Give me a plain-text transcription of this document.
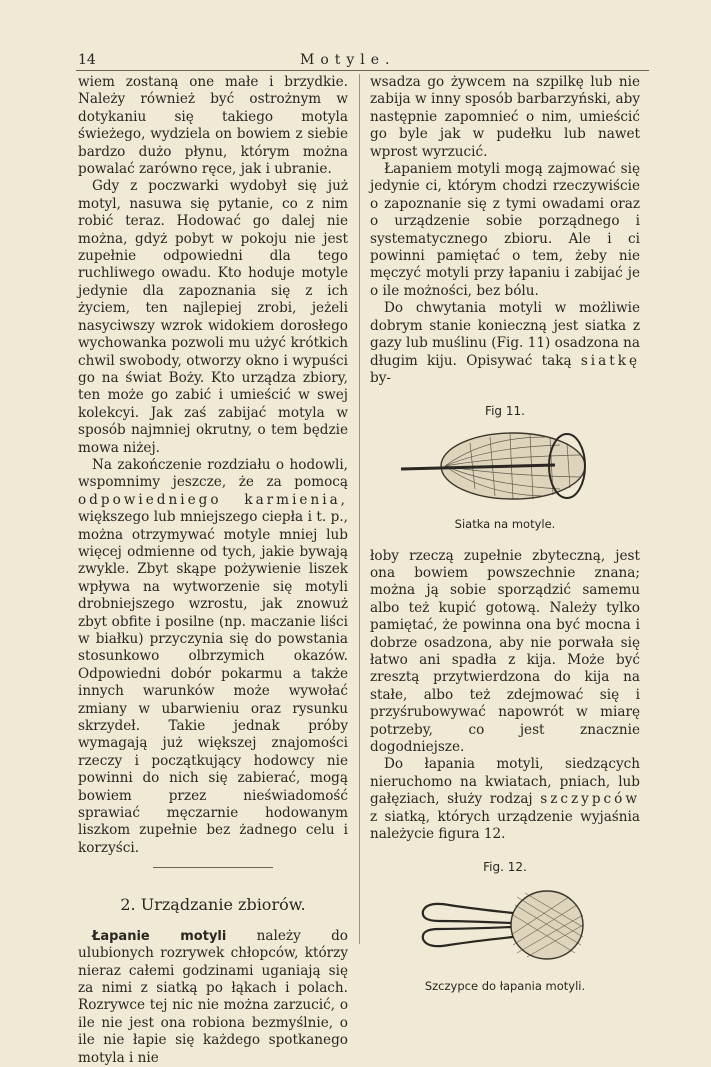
14	Motyle.

wiem zostaną one małe i brzydkie. Należy również być ostrożnym w dotykaniu się takiego motyla świeżego, wydziela on bowiem z siebie bardzo dużo płynu, którym można powalać zarówno ręce, jak i ubranie.

Gdy z poczwarki wydobył się już motyl, nasuwa się pytanie, co z nim robić teraz. Hodować go dalej nie można, gdyż pobyt w pokoju nie jest zupełnie odpowiedni dla tego ruchliwego owadu. Kto hoduje motyle jedynie dla zapoznania się z ich życiem, ten najlepiej zrobi, jeżeli nasyciwszy wzrok widokiem dorosłego wychowanka pozwoli mu użyć krótkich chwil swobody, otworzy okno i wypuści go na świat Boży. Kto urządza zbiory, ten może go zabić i umieścić w swej kolekcyi. Jak zaś zabijać motyla w sposób najmniej okrutny, o tem będzie mowa niżej.

Na zakończenie rozdziału o hodowli, wspomnimy jeszcze, że za pomocą odpowiedniego karmienia, większego lub mniejszego ciepła i t. p., można otrzymywać motyle mniej lub więcej odmienne od tych, jakie bywają zwykle. Zbyt skąpe pożywienie liszek wpływa na wytworzenie się motyli drobniejszego wzrostu, jak znowuż zbyt obfite i posilne (np. maczanie liści w białku) przyczynia się do powstania stosunkowo olbrzymich okazów. Odpowiedni dobór pokarmu a także innych warunków może wywołać zmiany w ubarwieniu oraz rysunku skrzydeł. Takie jednak próby wymagają już większej znajomości rzeczy i początkujący hodowcy nie powinni do nich się zabierać, mogą bowiem przez nieświadomość sprawiać męczarnie hodowanym liszkom zupełnie bez żadnego celu i korzyści.

2. Urządzanie zbiorów.

Łapanie motyli należy do ulubionych rozrywek chłopców, którzy nieraz całemi godzinami uganiają się za nimi z siatką po łąkach i polach. Rozrywce tej nic nie można zarzucić, o ile nie jest ona robiona bezmyślnie, o ile nie łapie się każdego spotkanego motyla i nie

wsadza go żywcem na szpilkę lub nie zabija w inny sposób barbarzyński, aby następnie zapomnieć o nim, umieścić go byle jak w pudełku lub nawet wprost wyrzucić.

Łapaniem motyli mogą zajmować się jedynie ci, którym chodzi rzeczywiście o zapoznanie się z tymi owadami oraz o urządzenie sobie porządnego i systematycznego zbioru. Ale i ci powinni pamiętać o tem, żeby nie męczyć motyli przy łapaniu i zabijać je o ile możności, bez bólu.

Do chwytania motyli w możliwie dobrym stanie konieczną jest siatka z gazy lub muślinu (Fig. 11) osadzona na długim kiju. Opisywać taką siatkę by-

Fig 11.
Siatka na motyle.

łoby rzeczą zupełnie zbyteczną, jest ona bowiem powszechnie znana; można ją sobie sporządzić samemu albo też kupić gotową. Należy tylko pamiętać, że powinna ona być mocna i dobrze osadzona, aby nie porwała się łatwo ani spadła z kija. Może być zresztą przytwierdzona do kija na stałe, albo też zdejmować się i przyśrubowywać napowrót w miarę potrzeby, co jest znacznie dogodniejsze.

Do łapania motyli, siedzących nieruchomo na kwiatach, pniach, lub gałęziach, służy rodzaj szczypców z siatką, których urządzenie wyjaśnia należycie figura 12.

Fig. 12.
Szczypce do łapania motyli.
